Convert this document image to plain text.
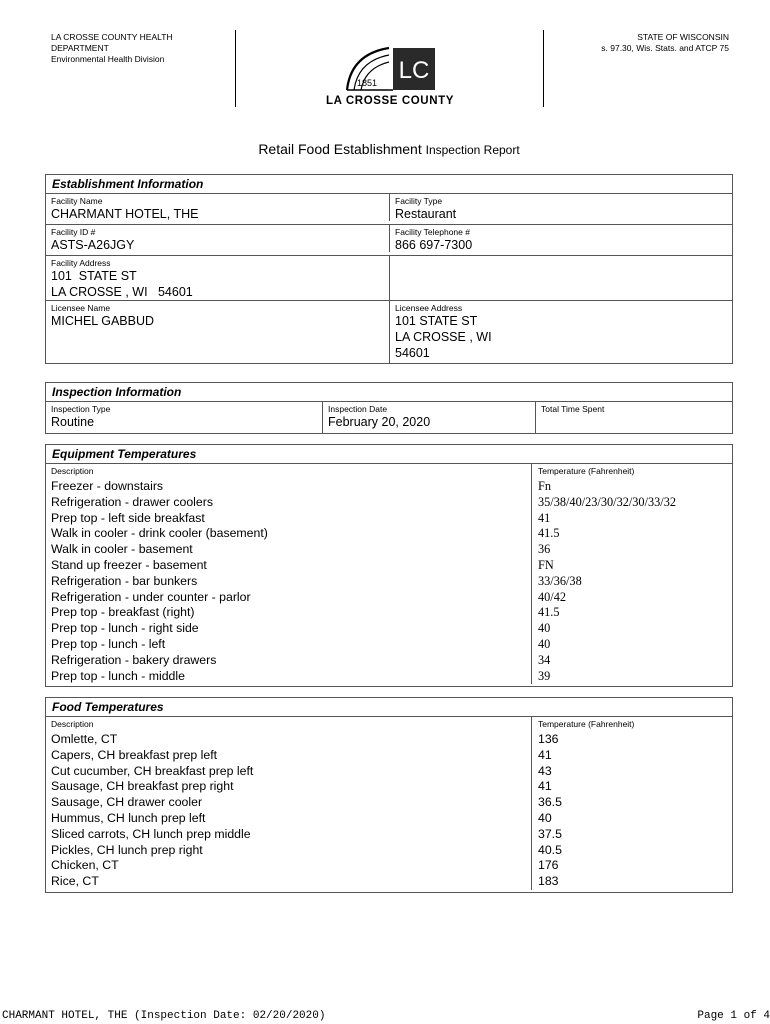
LA CROSSE COUNTY HEALTH
DEPARTMENT
Environmental Health Division	LC
1851
LA CROSSE COUNTY
STATE OF WISCONSIN
s. 97.30, Wis. Stats. and ATCP 75
Retail Food Establishment Inspection Report
Establishment Information
Facility Name
CHARMANT HOTEL, THE
Facility Type
Restaurant
Facility ID #
ASTS-A26JGY
Facility Telephone #
866 697-7300
Facility Address
101  STATE ST
LA CROSSE , WI   54601
Licensee Name
MICHEL GABBUD
Licensee Address
101 STATE ST
LA CROSSE , WI
54601
Inspection Information
Inspection Type
Routine
Inspection Date
February 20, 2020
Total Time Spent
Equipment Temperatures
Description	Temperature (Fahrenheit)
Freezer - downstairs	Fn
Refrigeration - drawer coolers	35/38/40/23/30/32/30/33/32
Prep top - left side breakfast	41
Walk in cooler - drink cooler (basement)	41.5
Walk in cooler - basement	36
Stand up freezer - basement	FN
Refrigeration - bar bunkers	33/36/38
Refrigeration - under counter - parlor	40/42
Prep top - breakfast (right)	41.5
Prep top - lunch - right side	40
Prep top - lunch - left	40
Refrigeration - bakery drawers	34
Prep top - lunch - middle	39
Food Temperatures
Description	Temperature (Fahrenheit)
Omlette, CT	136
Capers, CH breakfast prep left	41
Cut cucumber, CH breakfast prep left	43
Sausage, CH breakfast prep right	41
Sausage, CH drawer cooler	36.5
Hummus, CH lunch prep left	40
Sliced carrots, CH lunch prep middle	37.5
Pickles, CH lunch prep right	40.5
Chicken, CT	176
Rice, CT	183
CHARMANT HOTEL, THE (Inspection Date: 02/20/2020)	Page 1 of 4
